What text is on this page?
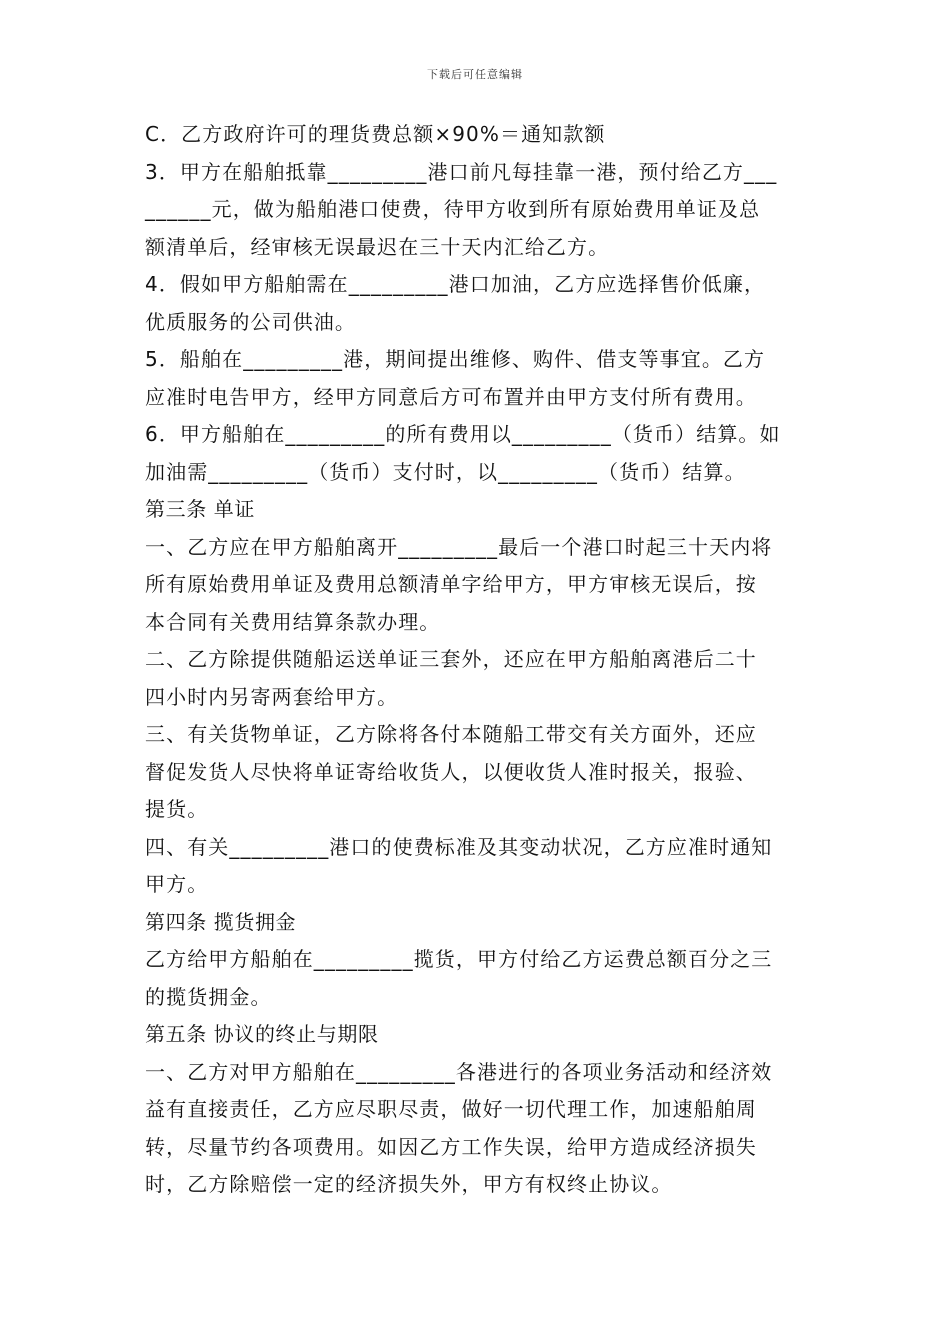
下载后可任意编辑
C．乙方政府许可的理货费总额×90%＝通知款额
3．甲方在船舶抵靠_________港口前凡每挂靠一港，预付给乙方___
______元，做为船舶港口使费，待甲方收到所有原始费用单证及总
额清单后，经审核无误最迟在三十天内汇给乙方。
4．假如甲方船舶需在_________港口加油，乙方应选择售价低廉，
优质服务的公司供油。
5．船舶在_________港，期间提出维修、购件、借支等事宜。乙方
应准时电告甲方，经甲方同意后方可布置并由甲方支付所有费用。
6．甲方船舶在_________的所有费用以_________（货币）结算。如
加油需_________（货币）支付时，以_________（货币）结算。
第三条 单证
一、乙方应在甲方船舶离开_________最后一个港口时起三十天内将
所有原始费用单证及费用总额清单字给甲方，甲方审核无误后，按
本合同有关费用结算条款办理。
二、乙方除提供随船运送单证三套外，还应在甲方船舶离港后二十
四小时内另寄两套给甲方。
三、有关货物单证，乙方除将各付本随船工带交有关方面外，还应
督促发货人尽快将单证寄给收货人，以便收货人准时报关，报验、
提货。
四、有关_________港口的使费标准及其变动状况，乙方应准时通知
甲方。
第四条 揽货拥金
乙方给甲方船舶在_________揽货，甲方付给乙方运费总额百分之三
的揽货拥金。
第五条 协议的终止与期限
一、乙方对甲方船舶在_________各港进行的各项业务活动和经济效
益有直接责任，乙方应尽职尽责，做好一切代理工作，加速船舶周
转，尽量节约各项费用。如因乙方工作失误，给甲方造成经济损失
时，乙方除赔偿一定的经济损失外，甲方有权终止协议。
